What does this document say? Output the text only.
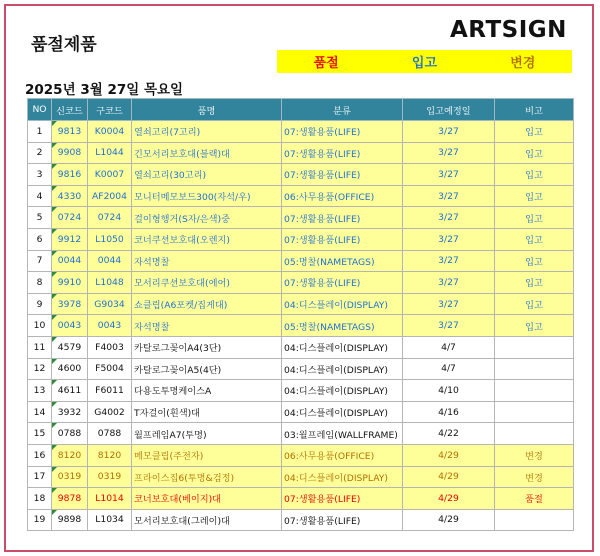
품절제품
ARTSIGN
품절	입고	변경
2025년 3월 27일 목요일
NO	신코드	구코드	품명	분류	입고예정일	비고
1	9813	K0004	열쇠고리(7고리)	07:생활용품(LIFE)	3/27	입고
2	9908	L1044	긴모서리보호대(블랙)대	07:생활용품(LIFE)	3/27	입고
3	9816	K0007	열쇠고리(30고리)	07:생활용품(LIFE)	3/27	입고
4	4330	AF2004	모니터메모보드300(자석/우)	06:사무용품(OFFICE)	3/27	입고
5	0724	0724	걸이형행거(S자/은색)중	07:생활용품(LIFE)	3/27	입고
6	9912	L1050	코너쿠션보호대(오렌지)	07:생활용품(LIFE)	3/27	입고
7	0044	0044	자석명찰	05:명찰(NAMETAGS)	3/27	입고
8	9910	L1048	모서리쿠션보호대(에어)	07:생활용품(LIFE)	3/27	입고
9	3978	G9034	쇼클립(A6포켓/집게대)	04:디스플레이(DISPLAY)	3/27	입고
10	0043	0043	자석명찰	05:명찰(NAMETAGS)	3/27	입고
11	4579	F4003	카탈로그꽂이A4(3단)	04:디스플레이(DISPLAY)	4/7	
12	4600	F5004	카탈로그꽂이A5(4단)	04:디스플레이(DISPLAY)	4/7	
13	4611	F6011	다용도투명케이스A	04:디스플레이(DISPLAY)	4/10	
14	3932	G4002	T자걸이(흰색)대	04:디스플레이(DISPLAY)	4/16	
15	0788	0788	월프레임A7(투명)	03:월프레임(WALLFRAME)	4/22	
16	8120	8120	메모클립(주전자)	06:사무용품(OFFICE)	4/29	변경
17	0319	0319	프라이스집6(투명&검정)	04:디스플레이(DISPLAY)	4/29	변경
18	9878	L1014	코너보호대(베이지)대	07:생활용품(LIFE)	4/29	품절
19	9898	L1034	모서리보호대(그레이)대	07:생활용품(LIFE)	4/29	
